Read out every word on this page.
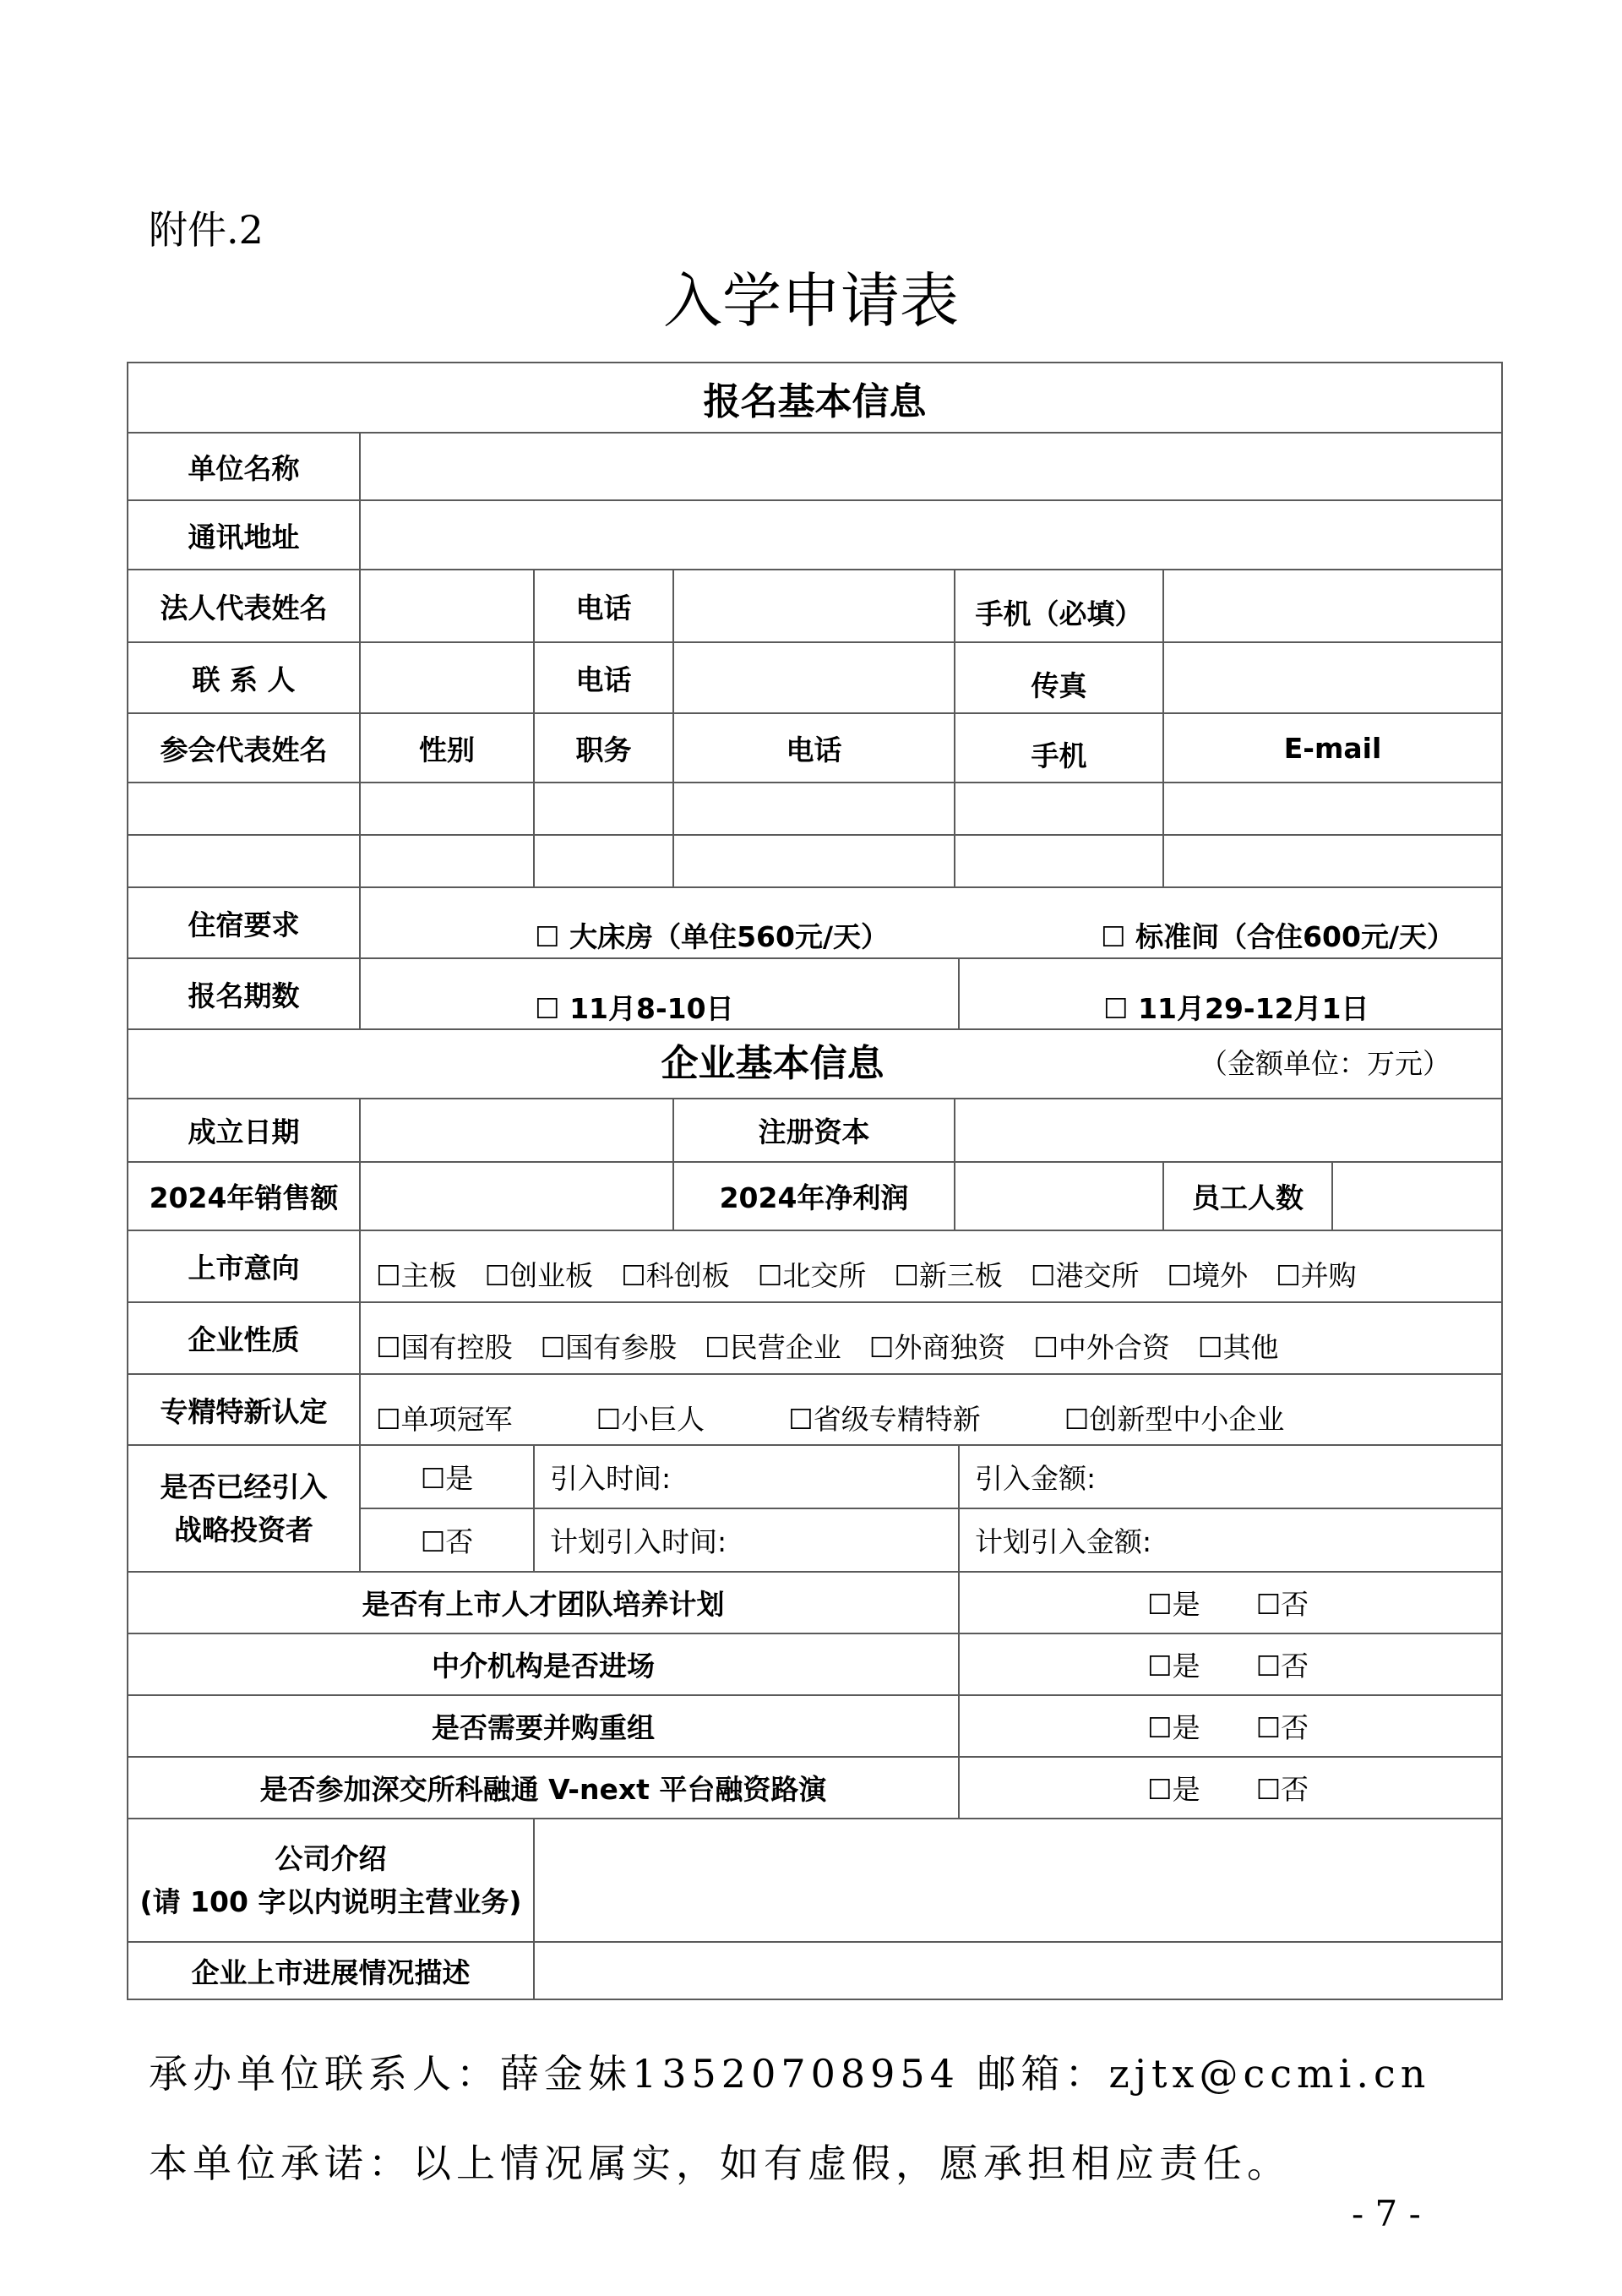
附件.2
入学申请表
报名基本信息							
单位名称							
通讯地址							
法人代表姓名		电话		手机（必填）			
联 系 人		电话		传真			
参会代表姓名	性别	职务	电话	手机		E-mail	

住宿要求	☐ 大床房（单住560元/天） ☐ 标准间（合住600元/天）						

报名期数	☐ 11月8-10日				☐ 11月29-12月1日		

企业基本信息 （金额单位：万元）							

成立日期			注册资本				
2024年销售额			2024年净利润			员工人数	
上市意向	☐主板　☐创业板　☐科创板　☐北交所　☐新三板　☐港交所　☐境外　☐并购						
企业性质	☐国有控股　☐国有参股　☐民营企业　☐外商独资　☐中外合资　☐其他						
专精特新认定	☐单项冠军　　　☐小巨人　　　☐省级专精特新　　　☐创新型中小企业						
是否已经引入战略投资者	☐是	引入时间:			引入金额:		
	☐否	计划引入时间:			计划引入金额:		
是否有上市人才团队培养计划					☐是　　☐否		
中介机构是否进场					☐是　　☐否		
是否需要并购重组					☐是　　☐否		
是否参加深交所科融通 V-next 平台融资路演					☐是　　☐否		
公司介绍
(请 100 字以内说明主营业务)							
企业上市进展情况描述							
承办单位联系人：薛金妹13520708954 邮箱：zjtx@ccmi.cn
本单位承诺：以上情况属实，如有虚假，愿承担相应责任。
- 7 -
